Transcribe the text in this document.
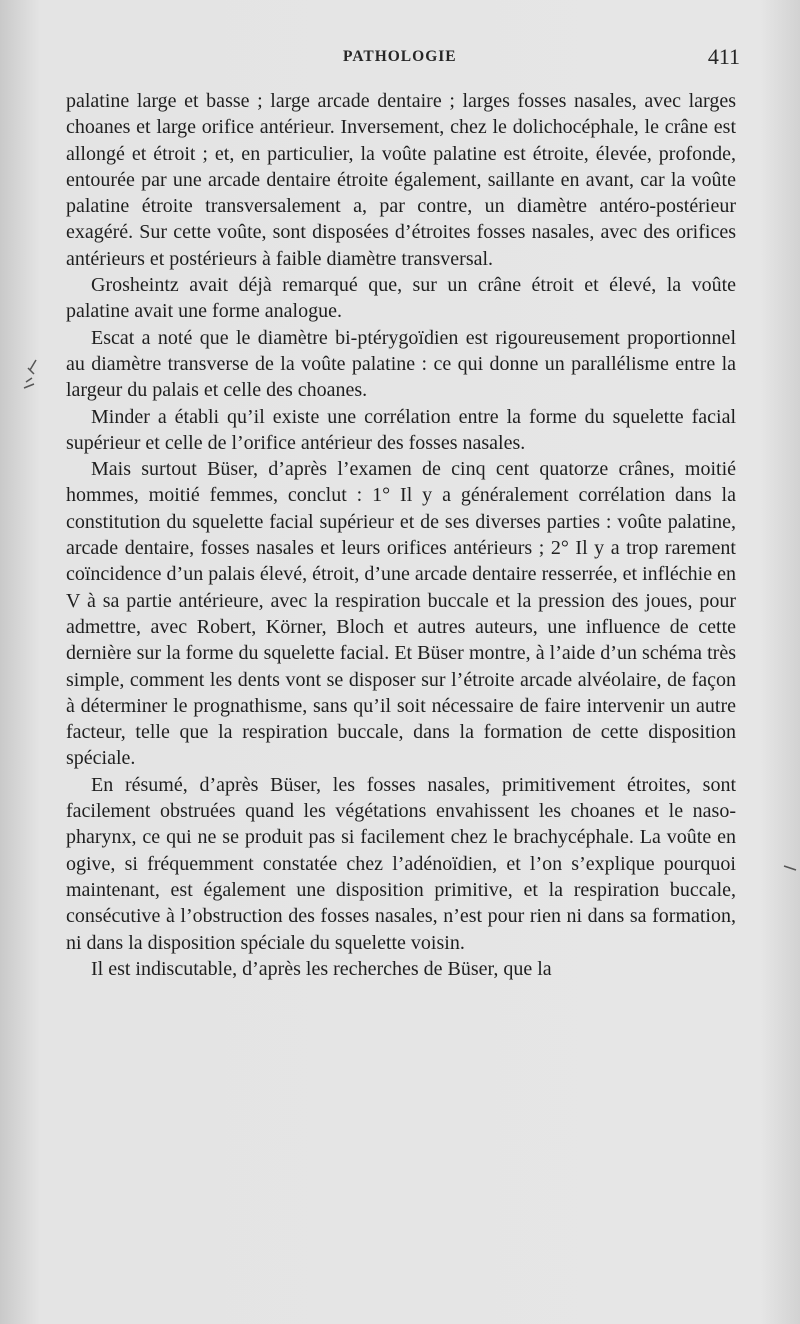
PATHOLOGIE	411

palatine large et basse ; large arcade dentaire ; larges fosses nasales, avec larges choanes et large orifice antérieur. Inversement, chez le dolichocéphale, le crâne est allongé et étroit ; et, en particulier, la voûte palatine est étroite, élevée, profonde, entourée par une arcade dentaire étroite également, saillante en avant, car la voûte palatine étroite transversalement a, par contre, un diamètre antéro-postérieur exagéré. Sur cette voûte, sont disposées d’étroites fosses nasales, avec des orifices antérieurs et postérieurs à faible diamètre transversal.

Grosheintz avait déjà remarqué que, sur un crâne étroit et élevé, la voûte palatine avait une forme analogue.

Escat a noté que le diamètre bi-ptérygoïdien est rigoureusement proportionnel au diamètre transverse de la voûte palatine : ce qui donne un parallélisme entre la largeur du palais et celle des choanes.

Minder a établi qu’il existe une corrélation entre la forme du squelette facial supérieur et celle de l’orifice antérieur des fosses nasales.

Mais surtout Büser, d’après l’examen de cinq cent quatorze crânes, moitié hommes, moitié femmes, conclut : 1° Il y a généralement corrélation dans la constitution du squelette facial supérieur et de ses diverses parties : voûte palatine, arcade dentaire, fosses nasales et leurs orifices antérieurs ; 2° Il y a trop rarement coïncidence d’un palais élevé, étroit, d’une arcade dentaire resserrée, et infléchie en V à sa partie antérieure, avec la respiration buccale et la pression des joues, pour admettre, avec Robert, Körner, Bloch et autres auteurs, une influence de cette dernière sur la forme du squelette facial. Et Büser montre, à l’aide d’un schéma très simple, comment les dents vont se disposer sur l’étroite arcade alvéolaire, de façon à déterminer le prognathisme, sans qu’il soit nécessaire de faire intervenir un autre facteur, telle que la respiration buccale, dans la formation de cette disposition spéciale.

En résumé, d’après Büser, les fosses nasales, primitivement étroites, sont facilement obstruées quand les végétations envahissent les choanes et le naso-pharynx, ce qui ne se produit pas si facilement chez le brachycéphale. La voûte en ogive, si fréquemment constatée chez l’adénoïdien, et l’on s’explique pourquoi maintenant, est également une disposition primitive, et la respiration buccale, consécutive à l’obstruction des fosses nasales, n’est pour rien ni dans sa formation, ni dans la disposition spéciale du squelette voisin.

Il est indiscutable, d’après les recherches de Büser, que la
